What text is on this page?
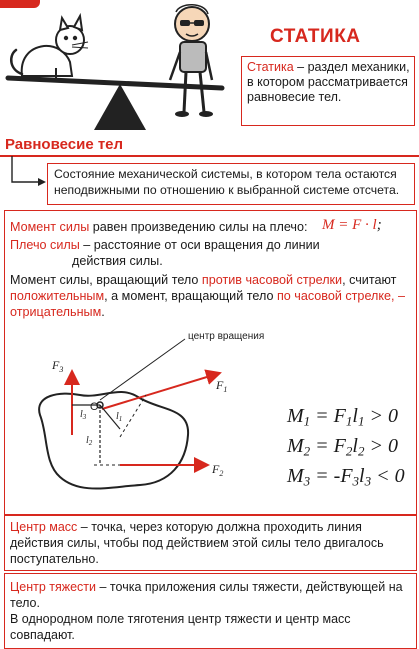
СТАТИКА
Статика – раздел механики, в котором рассматривается равновесие тел.
Равновесие тел
Состояние механической системы, в котором тела остаются неподвижными по отношению к выбранной системе отсчета.
Момент силы равен произведению силы на плечо: M = F · l;
Плечо силы – расстояние от оси вращения до линии
действия силы.
Момент силы, вращающий тело против часовой стрелки, считают положительным, а момент, вращающий тело по часовой стрелке, – отрицательным.
центр вращения
O
$l_1$
$l_2$
$l_3$
$F_3$
$F_1$
$F_2$
$M_1 = F_1l_1 > 0$
$M_2 = F_2l_2 > 0$
$M_3 = -F_3l_3 < 0$
Центр масс – точка, через которую должна проходить линия действия силы, чтобы под действием этой силы тело двигалось поступательно.
Центр тяжести – точка приложения силы тяжести, действующей на тело.
В однородном поле тяготения центр тяжести и центр масс совпадают.
